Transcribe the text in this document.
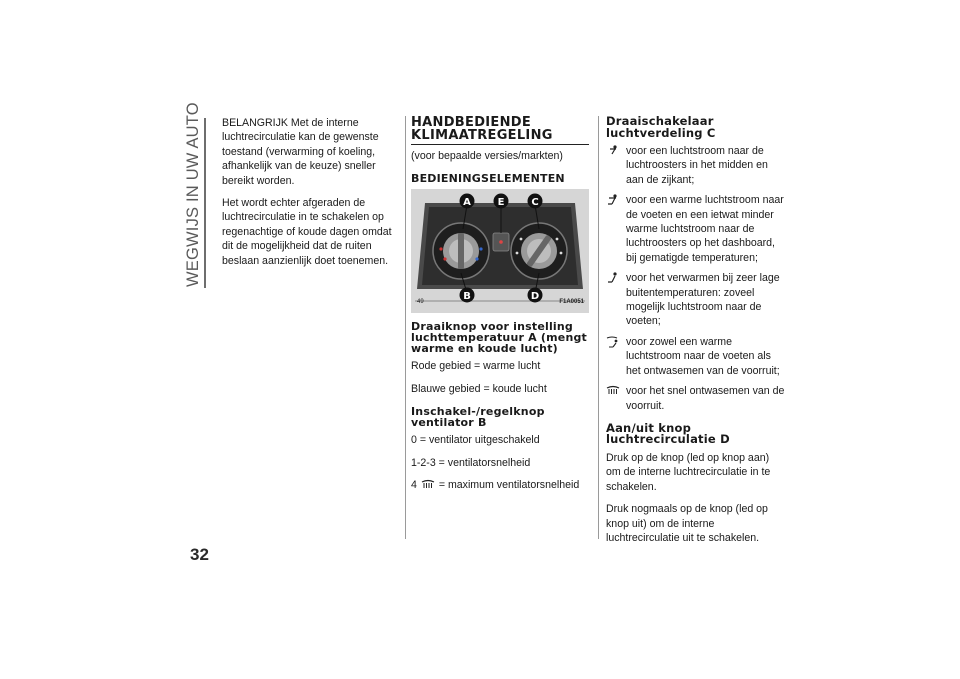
WEGWIJS IN UW AUTO
32

BELANGRIJK Met de interne luchtrecirculatie kan de gewenste toestand (verwarming of koeling, afhankelijk van de keuze) sneller bereikt worden.

Het wordt echter afgeraden de luchtrecirculatie in te schakelen op regenachtige of koude dagen omdat dit de mogelijkheid dat de ruiten beslaan aanzienlijk doet toenemen.

HANDBEDIENDE KLIMAATREGELING

(voor bepaalde versies/markten)

BEDIENINGSELEMENTEN
A	E	C
B	D
49	F1A0051
Draaiknop voor instelling luchttemperatuur A (mengt warme en koude lucht)

Rode gebied = warme lucht

Blauwe gebied = koude lucht

Inschakel-/regelknop ventilator B

0 = ventilator uitgeschakeld

1-2-3 = ventilatorsnelheid

4 = maximum ventilatorsnelheid

Draaischakelaar luchtverdeling C
voor een luchtstroom naar de luchtroosters in het midden en aan de zijkant;
voor een warme luchtstroom naar de voeten en een ietwat minder warme luchtstroom naar de luchtroosters op het dashboard, bij gematigde temperaturen;
voor het verwarmen bij zeer lage buitentemperaturen: zoveel mogelijk luchtstroom naar de voeten;
voor zowel een warme luchtstroom naar de voeten als het ontwasemen van de voorruit;
voor het snel ontwasemen van de voorruit.
Aan/uit knop luchtrecirculatie D

Druk op de knop (led op knop aan) om de interne luchtrecirculatie in te schakelen.

Druk nogmaals op de knop (led op knop uit) om de interne luchtrecirculatie uit te schakelen.
